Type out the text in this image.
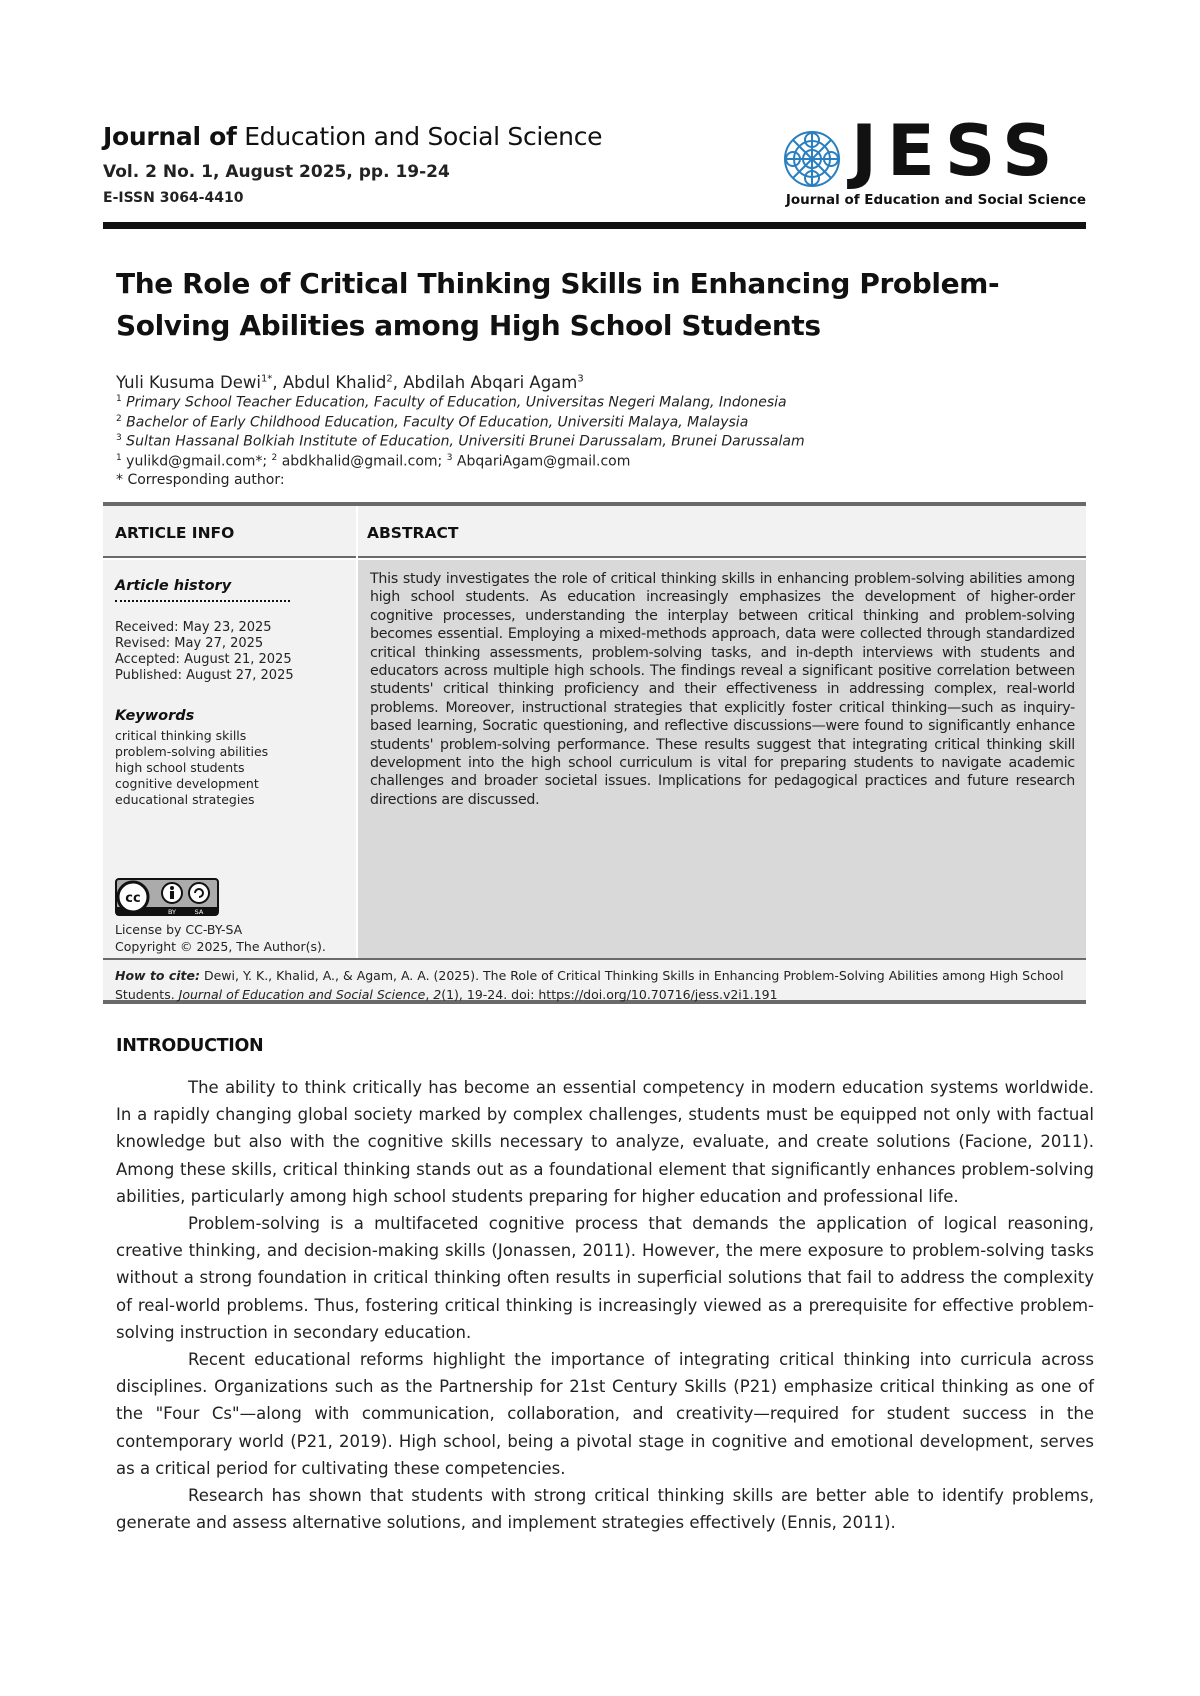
Journal of Education and Social Science
Vol. 2 No. 1, August 2025, pp. 19-24
E-ISSN 3064-4410
JESS
Journal of Education and Social Science
The Role of Critical Thinking Skills in Enhancing Problem-Solving Abilities among High School Students
Yuli Kusuma Dewi$^{1*}$, Abdul Khalid$^2$, Abdilah Abqari Agam$^3$
$^1$ Primary School Teacher Education, Faculty of Education, Universitas Negeri Malang, Indonesia
$^2$ Bachelor of Early Childhood Education, Faculty Of Education, Universiti Malaya, Malaysia
$^3$ Sultan Hassanal Bolkiah Institute of Education, Universiti Brunei Darussalam, Brunei Darussalam
$^1$ yulikd@gmail.com*; $^2$ abdkhalid@gmail.com; $^3$ AbqariAgam@gmail.com
* Corresponding author:
ARTICLE INFO	ABSTRACT
Article history
Received: May 23, 2025
Revised: May 27, 2025
Accepted: August 21, 2025
Published: August 27, 2025
Keywords
critical thinking skills
problem-solving abilities
high school students
cognitive development
educational strategies
cc
BY	SA
License by CC-BY-SA
Copyright © 2025, The Author(s).
This study investigates the role of critical thinking skills in enhancing problem-solving abilities among high school students. As education increasingly emphasizes the development of higher-order cognitive processes, understanding the interplay between critical thinking and problem-solving becomes essential. Employing a mixed-methods approach, data were collected through standardized critical thinking assessments, problem-solving tasks, and in-depth interviews with students and educators across multiple high schools. The findings reveal a significant positive correlation between students' critical thinking proficiency and their effectiveness in addressing complex, real-world problems. Moreover, instructional strategies that explicitly foster critical thinking—such as inquiry-based learning, Socratic questioning, and reflective discussions—were found to significantly enhance students' problem-solving performance. These results suggest that integrating critical thinking skill development into the high school curriculum is vital for preparing students to navigate academic challenges and broader societal issues. Implications for pedagogical practices and future research directions are discussed.
How to cite: Dewi, Y. K., Khalid, A., & Agam, A. A. (2025). The Role of Critical Thinking Skills in Enhancing Problem-Solving Abilities among High School Students. Journal of Education and Social Science, 2(1), 19-24. doi: https://doi.org/10.70716/jess.v2i1.191
INTRODUCTION

The ability to think critically has become an essential competency in modern education systems worldwide. In a rapidly changing global society marked by complex challenges, students must be equipped not only with factual knowledge but also with the cognitive skills necessary to analyze, evaluate, and create solutions (Facione, 2011). Among these skills, critical thinking stands out as a foundational element that significantly enhances problem-solving abilities, particularly among high school students preparing for higher education and professional life.

Problem-solving is a multifaceted cognitive process that demands the application of logical reasoning, creative thinking, and decision-making skills (Jonassen, 2011). However, the mere exposure to problem-solving tasks without a strong foundation in critical thinking often results in superficial solutions that fail to address the complexity of real-world problems. Thus, fostering critical thinking is increasingly viewed as a prerequisite for effective problem-solving instruction in secondary education.

Recent educational reforms highlight the importance of integrating critical thinking into curricula across disciplines. Organizations such as the Partnership for 21st Century Skills (P21) emphasize critical thinking as one of the "Four Cs"—along with communication, collaboration, and creativity—required for student success in the contemporary world (P21, 2019). High school, being a pivotal stage in cognitive and emotional development, serves as a critical period for cultivating these competencies.

Research has shown that students with strong critical thinking skills are better able to identify problems, generate and assess alternative solutions, and implement strategies effectively (Ennis, 2011).
